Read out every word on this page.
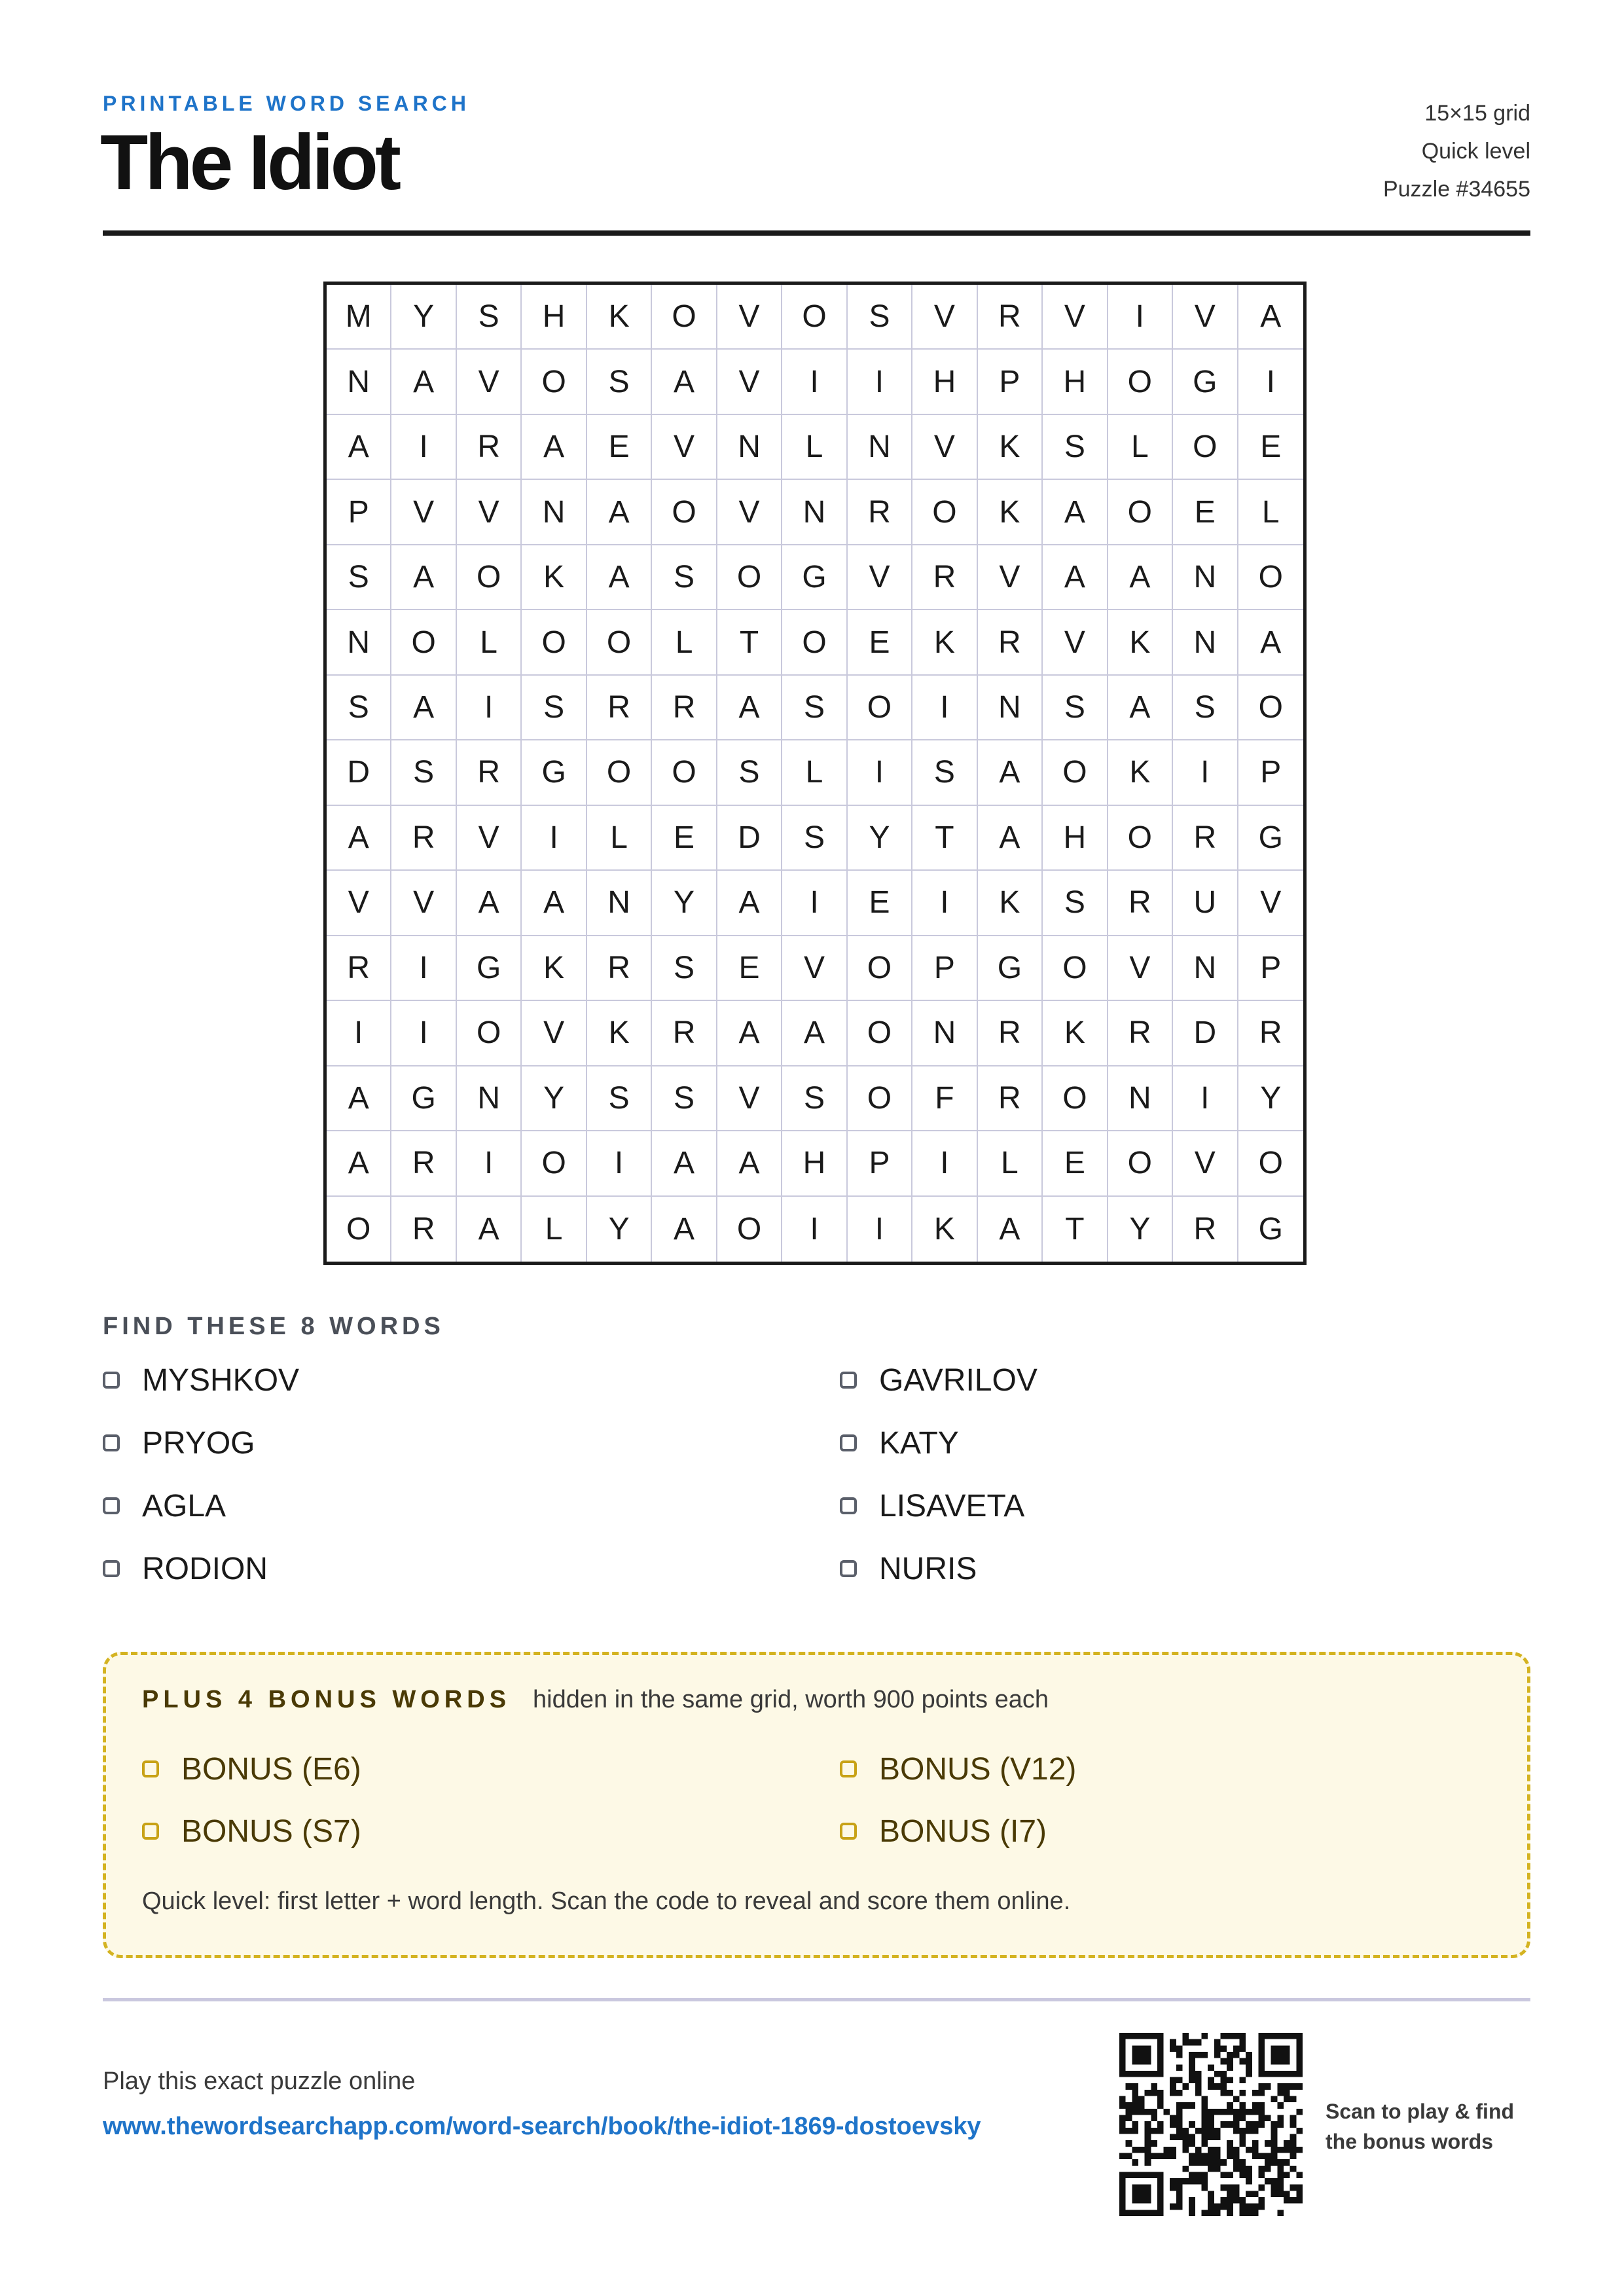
PRINTABLE WORD SEARCH
The Idiot
15×15 grid
Quick level
Puzzle #34655
M	Y	S	H	K	O	V	O	S	V	R	V	I	V	A
N	A	V	O	S	A	V	I	I	H	P	H	O	G	I
A	I	R	A	E	V	N	L	N	V	K	S	L	O	E
P	V	V	N	A	O	V	N	R	O	K	A	O	E	L
S	A	O	K	A	S	O	G	V	R	V	A	A	N	O
N	O	L	O	O	L	T	O	E	K	R	V	K	N	A
S	A	I	S	R	R	A	S	O	I	N	S	A	S	O
D	S	R	G	O	O	S	L	I	S	A	O	K	I	P
A	R	V	I	L	E	D	S	Y	T	A	H	O	R	G
V	V	A	A	N	Y	A	I	E	I	K	S	R	U	V
R	I	G	K	R	S	E	V	O	P	G	O	V	N	P
I	I	O	V	K	R	A	A	O	N	R	K	R	D	R
A	G	N	Y	S	S	V	S	O	F	R	O	N	I	Y
A	R	I	O	I	A	A	H	P	I	L	E	O	V	O
O	R	A	L	Y	A	O	I	I	K	A	T	Y	R	G
FIND THESE 8 WORDS
MYSHKOV	GAVRILOV
PRYOG	KATY
AGLA	LISAVETA
RODION	NURIS
PLUS 4 BONUS WORDS hidden in the same grid, worth 900 points each
BONUS (E6)	BONUS (V12)
BONUS (S7)	BONUS (I7)
Quick level: first letter + word length. Scan the code to reveal and score them online.
Play this exact puzzle online
www.thewordsearchapp.com/word-search/book/the-idiot-1869-dostoevsky
Scan to play & find the bonus words
